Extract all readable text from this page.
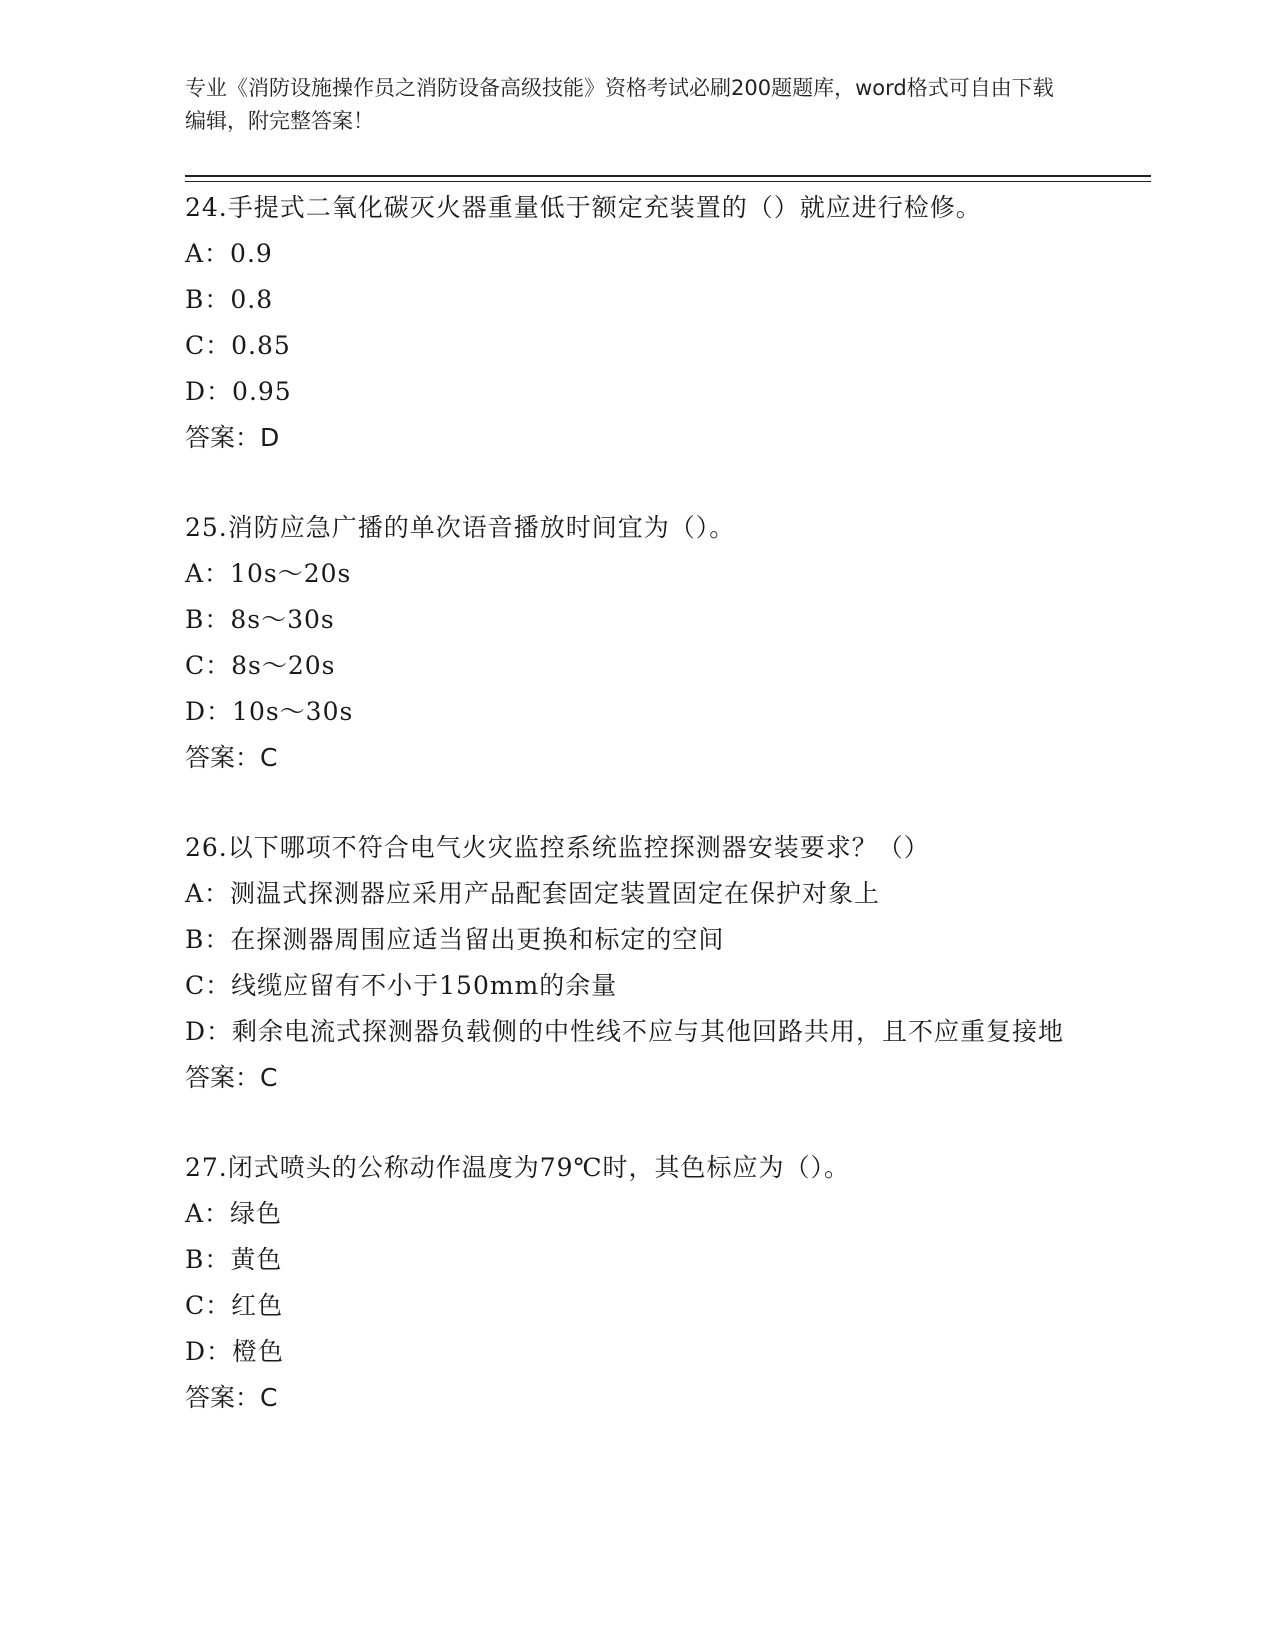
专业《消防设施操作员之消防设备高级技能》资格考试必刷200题题库，word格式可自由下载编辑，附完整答案！
24.手提式二氧化碳灭火器重量低于额定充装置的（）就应进行检修。
A：0.9
B：0.8
C：0.85
D：0.95
答案：D
25.消防应急广播的单次语音播放时间宜为（）。
A：10s～20s
B：8s～30s
C：8s～20s
D：10s～30s
答案：C
26.以下哪项不符合电气火灾监控系统监控探测器安装要求？（）
A：测温式探测器应采用产品配套固定装置固定在保护对象上
B：在探测器周围应适当留出更换和标定的空间
C：线缆应留有不小于150mm的余量
D：剩余电流式探测器负载侧的中性线不应与其他回路共用，且不应重复接地
答案：C
27.闭式喷头的公称动作温度为79℃时，其色标应为（）。
A：绿色
B：黄色
C：红色
D：橙色
答案：C
